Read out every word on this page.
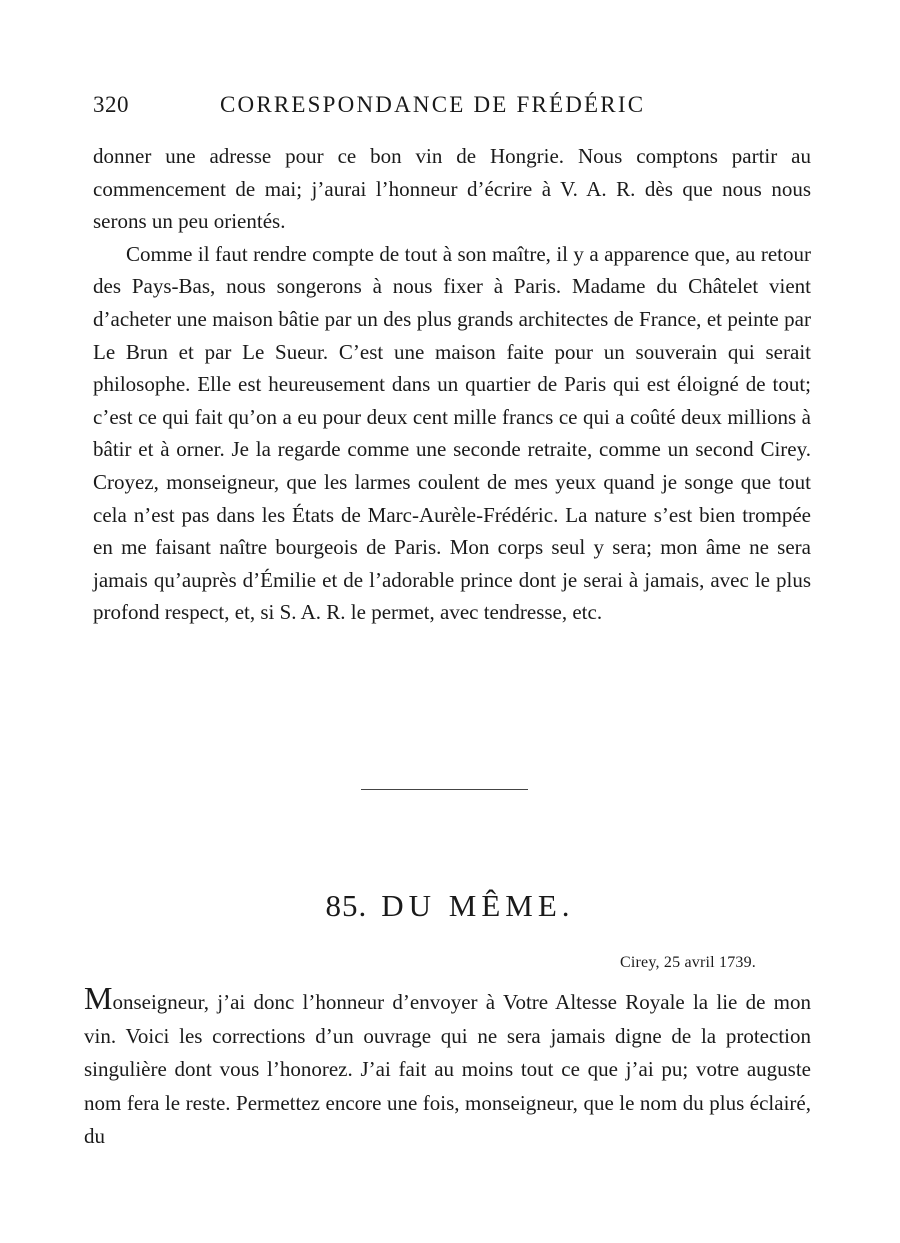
320	CORRESPONDANCE DE FRÉDÉRIC

donner une adresse pour ce bon vin de Hongrie. Nous comptons partir au commencement de mai; j’aurai l’honneur d’écrire à V. A. R. dès que nous nous serons un peu orientés.

Comme il faut rendre compte de tout à son maître, il y a apparence que, au retour des Pays-Bas, nous songerons à nous fixer à Paris. Madame du Châtelet vient d’acheter une maison bâtie par un des plus grands architectes de France, et peinte par Le Brun et par Le Sueur. C’est une maison faite pour un souverain qui serait philosophe. Elle est heureusement dans un quartier de Paris qui est éloigné de tout; c’est ce qui fait qu’on a eu pour deux cent mille francs ce qui a coûté deux millions à bâtir et à orner. Je la regarde comme une seconde retraite, comme un second Cirey. Croyez, monseigneur, que les larmes coulent de mes yeux quand je songe que tout cela n’est pas dans les États de Marc-Aurèle-Frédéric. La nature s’est bien trompée en me faisant naître bourgeois de Paris. Mon corps seul y sera; mon âme ne sera jamais qu’auprès d’Émilie et de l’adorable prince dont je serai à jamais, avec le plus profond respect, et, si S. A. R. le permet, avec tendresse, etc.

85. DU MÊME.
Cirey, 25 avril 1739.

Monseigneur, j’ai donc l’honneur d’envoyer à Votre Altesse Royale la lie de mon vin. Voici les corrections d’un ouvrage qui ne sera jamais digne de la protection singulière dont vous l’honorez. J’ai fait au moins tout ce que j’ai pu; votre auguste nom fera le reste. Permettez encore une fois, monseigneur, que le nom du plus éclairé, du
